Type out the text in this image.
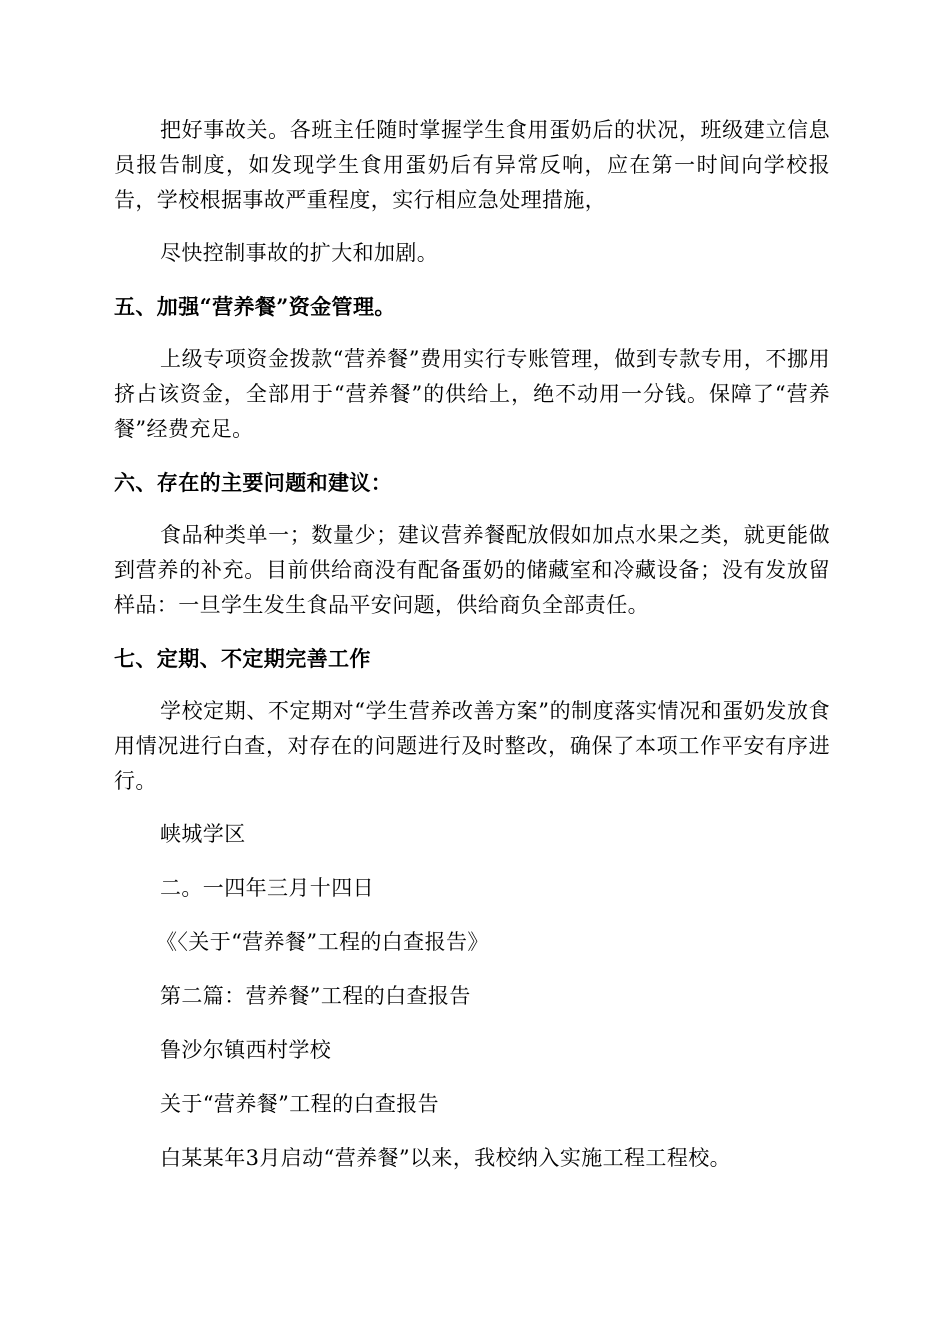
把好事故关。各班主任随时掌握学生食用蛋奶后的状况，班级建立信息员报告制度，如发现学生食用蛋奶后有异常反响，应在第一时间向学校报告，学校根据事故严重程度，实行相应急处理措施，

尽快控制事故的扩大和加剧。

五、加强“营养餐”资金管理。

上级专项资金拨款“营养餐”费用实行专账管理，做到专款专用，不挪用挤占该资金，全部用于“营养餐”的供给上，绝不动用一分钱。保障了“营养餐”经费充足。

六、存在的主要问题和建议：

食品种类单一；数量少；建议营养餐配放假如加点水果之类，就更能做到营养的补充。目前供给商没有配备蛋奶的储藏室和冷藏设备；没有发放留样品：一旦学生发生食品平安问题，供给商负全部责任。

七、定期、不定期完善工作

学校定期、不定期对“学生营养改善方案”的制度落实情况和蛋奶发放食用情况进行白查，对存在的问题进行及时整改，确保了本项工作平安有序进行。

峡城学区

二。一四年三月十四日

《〈关于“营养餐”工程的白查报告》

第二篇：营养餐”工程的白查报告

鲁沙尔镇西村学校

关于“营养餐”工程的白查报告

白某某年3月启动“营养餐”以来，我校纳入实施工程工程校。
